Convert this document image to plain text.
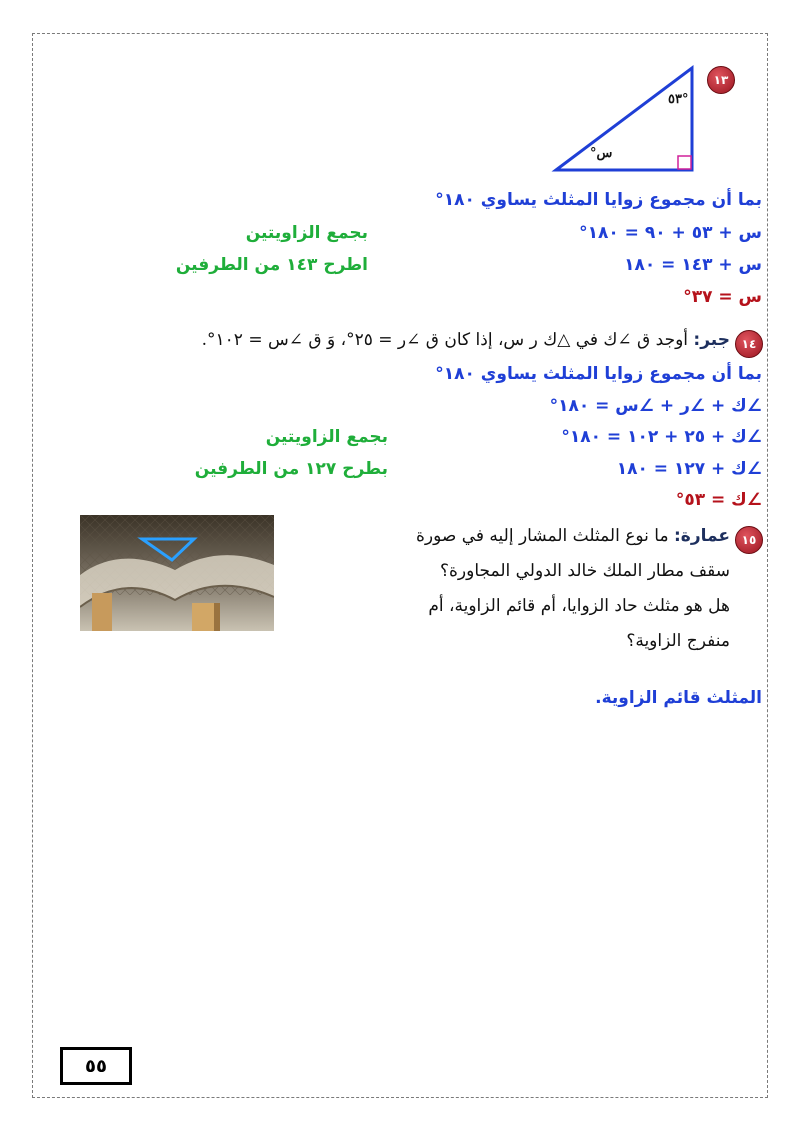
١٣
٥٣°
س°
بما أن مجموع زوايا المثلث يساوي ١٨٠°
س + ٥٣ + ٩٠ = ١٨٠°
بجمع الزاويتين
س + ١٤٣ = ١٨٠
اطرح ١٤٣ من الطرفين
س = ٣٧°
١٤
جبر: أوجد ق ∠ك في △ك ر س، إذا كان ق ∠ر = ٢٥°، وَ ق ∠س = ١٠٢°.
بما أن مجموع زوايا المثلث يساوي ١٨٠°
∠ك + ∠ر + ∠س = ١٨٠°
∠ك + ٢٥ + ١٠٢ = ١٨٠°
بجمع الزاويتين
∠ك + ١٢٧ = ١٨٠
بطرح ١٢٧ من الطرفين
∠ك = ٥٣°
١٥
عمارة: ما نوع المثلث المشار إليه في صورة
سقف مطار الملك خالد الدولي المجاورة؟
هل هو مثلث حاد الزوايا، أم قائم الزاوية، أم
منفرج الزاوية؟
المثلث قائم الزاوية.
٥٥
